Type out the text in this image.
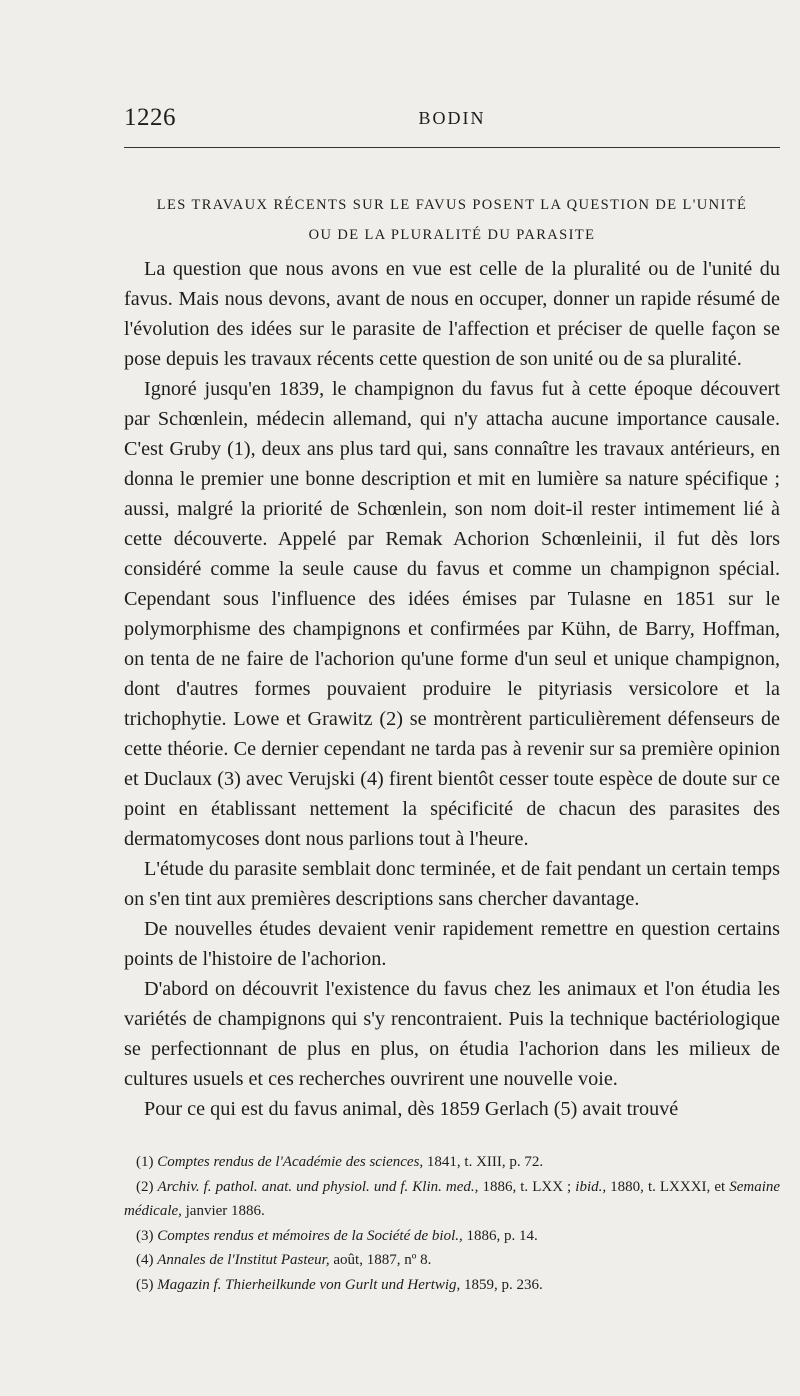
1226	BODIN
LES TRAVAUX RÉCENTS SUR LE FAVUS POSENT LA QUESTION DE L'UNITÉ
OU DE LA PLURALITÉ DU PARASITE

La question que nous avons en vue est celle de la pluralité ou de l'unité du favus. Mais nous devons, avant de nous en occuper, donner un rapide résumé de l'évolution des idées sur le parasite de l'affection et préciser de quelle façon se pose depuis les travaux récents cette question de son unité ou de sa pluralité.

Ignoré jusqu'en 1839, le champignon du favus fut à cette époque découvert par Schœnlein, médecin allemand, qui n'y attacha aucune importance causale. C'est Gruby (1), deux ans plus tard qui, sans connaître les travaux antérieurs, en donna le premier une bonne description et mit en lumière sa nature spécifique ; aussi, malgré la priorité de Schœnlein, son nom doit-il rester intimement lié à cette découverte. Appelé par Remak Achorion Schœnleinii, il fut dès lors considéré comme la seule cause du favus et comme un champignon spécial. Cependant sous l'influence des idées émises par Tulasne en 1851 sur le polymorphisme des champignons et confirmées par Kühn, de Barry, Hoffman, on tenta de ne faire de l'achorion qu'une forme d'un seul et unique champignon, dont d'autres formes pouvaient produire le pityriasis versicolore et la trichophytie. Lowe et Grawitz (2) se montrèrent particulièrement défenseurs de cette théorie. Ce dernier cependant ne tarda pas à revenir sur sa première opinion et Duclaux (3) avec Verujski (4) firent bientôt cesser toute espèce de doute sur ce point en établissant nettement la spécificité de chacun des parasites des dermatomycoses dont nous parlions tout à l'heure.

L'étude du parasite semblait donc terminée, et de fait pendant un certain temps on s'en tint aux premières descriptions sans chercher davantage.

De nouvelles études devaient venir rapidement remettre en question certains points de l'histoire de l'achorion.

D'abord on découvrit l'existence du favus chez les animaux et l'on étudia les variétés de champignons qui s'y rencontraient. Puis la technique bactériologique se perfectionnant de plus en plus, on étudia l'achorion dans les milieux de cultures usuels et ces recherches ouvrirent une nouvelle voie.

Pour ce qui est du favus animal, dès 1859 Gerlach (5) avait trouvé

(1) Comptes rendus de l'Académie des sciences, 1841, t. XIII, p. 72.
(2) Archiv. f. pathol. anat. und physiol. und f. Klin. med., 1886, t. LXX ; ibid., 1880, t. LXXXI, et Semaine médicale, janvier 1886.
(3) Comptes rendus et mémoires de la Société de biol., 1886, p. 14.
(4) Annales de l'Institut Pasteur, août, 1887, nº 8.
(5) Magazin f. Thierheilkunde von Gurlt und Hertwig, 1859, p. 236.
